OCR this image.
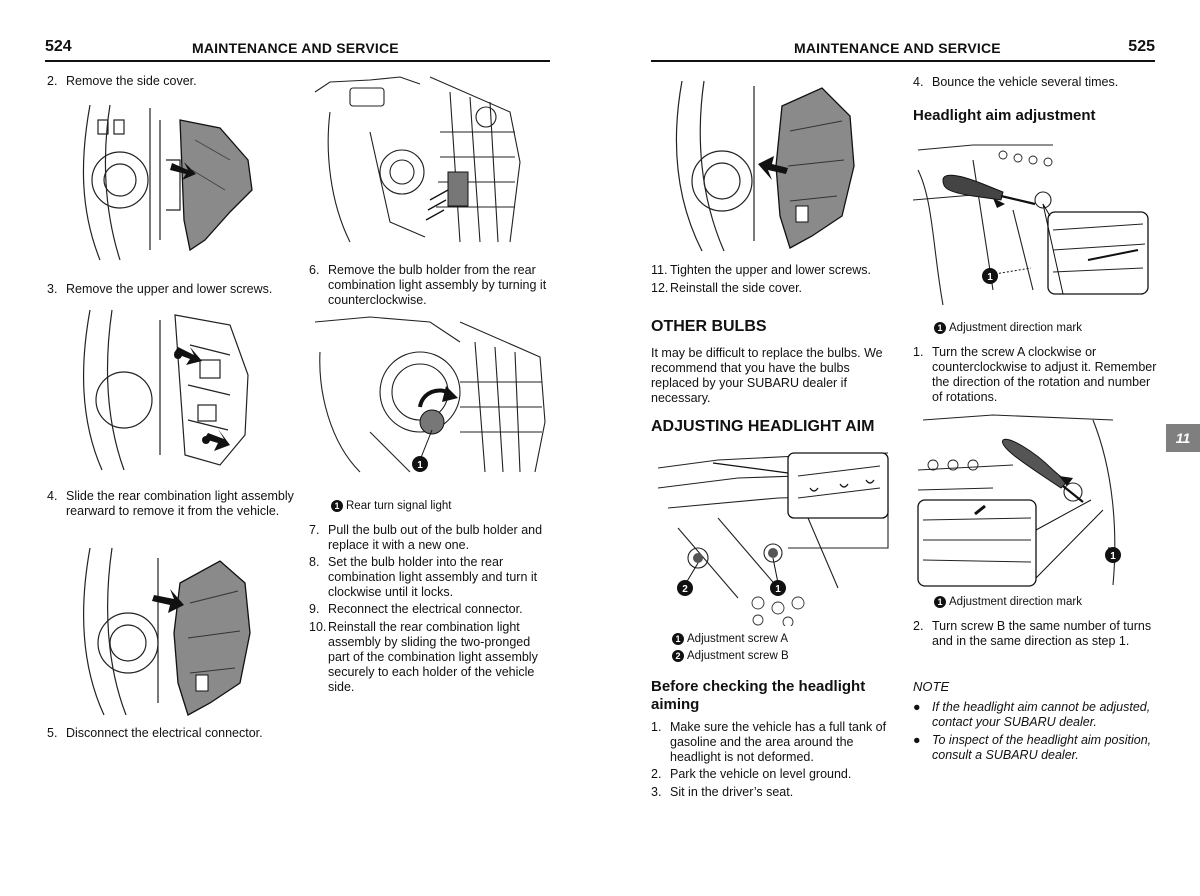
524	MAINTENANCE AND SERVICE	MAINTENANCE AND SERVICE	525
2. Remove the side cover.
3. Remove the upper and lower screws.
4. Slide the rear combination light assembly rearward to remove it from the vehicle.
5. Disconnect the electrical connector.
6. Remove the bulb holder from the rear combination light assembly by turning it counterclockwise.
1
1 Rear turn signal light
7. Pull the bulb out of the bulb holder and replace it with a new one.
8. Set the bulb holder into the rear combination light assembly and turn it clockwise until it locks.
9. Reconnect the electrical connector.
10. Reinstall the rear combination light assembly by sliding the two-pronged part of the combination light assembly securely to each holder of the vehicle side.
11. Tighten the upper and lower screws.
12. Reinstall the side cover.
OTHER BULBS
It may be difficult to replace the bulbs. We recommend that you have the bulbs replaced by your SUBARU dealer if necessary.
ADJUSTING HEADLIGHT AIM
1
2
1 Adjustment screw A
2 Adjustment screw B
Before checking the headlight aiming
1. Make sure the vehicle has a full tank of gasoline and the area around the headlight is not deformed.
2. Park the vehicle on level ground.
3. Sit in the driver’s seat.
4. Bounce the vehicle several times.
Headlight aim adjustment
1
1 Adjustment direction mark
1. Turn the screw A clockwise or counterclockwise to adjust it. Remember the direction of the rotation and number of rotations.
1
1 Adjustment direction mark
2. Turn screw B the same number of turns and in the same direction as step 1.
NOTE
● If the headlight aim cannot be adjusted, contact your SUBARU dealer.
● To inspect of the headlight aim position, consult a SUBARU dealer.
11
